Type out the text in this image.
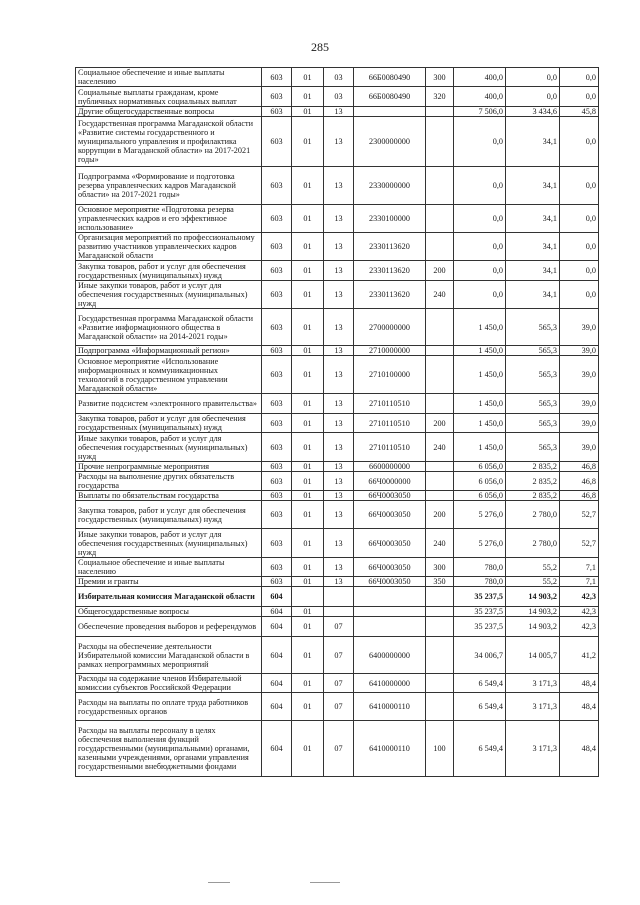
285
Социальное обеспечение и иные выплаты населению	603	01	03	66Б0080490	300	400,0	0,0	0,0
Социальные выплаты гражданам, кроме публичных нормативных социальных выплат	603	01	03	66Б0080490	320	400,0	0,0	0,0
Другие общегосударственные вопросы	603	01	13			7 506,0	3 434,6	45,8
Государственная программа Магаданской области «Развитие системы государственного и муниципального управления и профилактика коррупции в Магаданской области» на 2017-2021 годы»	603	01	13	2300000000		0,0	34,1	0,0
Подпрограмма «Формирование и подготовка резерва управленческих кадров Магаданской области» на 2017-2021 годы»	603	01	13	2330000000		0,0	34,1	0,0
Основное мероприятие «Подготовка резерва управленческих кадров и его эффективное использование»	603	01	13	2330100000		0,0	34,1	0,0
Организация мероприятий по профессиональному развитию участников управленческих кадров Магаданской области	603	01	13	2330113620		0,0	34,1	0,0
Закупка товаров, работ и услуг для обеспечения государственных (муниципальных) нужд	603	01	13	2330113620	200	0,0	34,1	0,0
Иные закупки товаров, работ и услуг для обеспечения государственных (муниципальных) нужд	603	01	13	2330113620	240	0,0	34,1	0,0
Государственная программа Магаданской области «Развитие информационного общества в Магаданской области» на 2014-2021 годы»	603	01	13	2700000000		1 450,0	565,3	39,0
Подпрограмма «Информационный регион»	603	01	13	2710000000		1 450,0	565,3	39,0
Основное мероприятие «Использование информационных и коммуникационных технологий в государственном управлении Магаданской области»	603	01	13	2710100000		1 450,0	565,3	39,0
Развитие подсистем «электронного правительства»	603	01	13	2710110510		1 450,0	565,3	39,0
Закупка товаров, работ и услуг для обеспечения государственных (муниципальных) нужд	603	01	13	2710110510	200	1 450,0	565,3	39,0
Иные закупки товаров, работ и услуг для обеспечения государственных (муниципальных) нужд	603	01	13	2710110510	240	1 450,0	565,3	39,0
Прочие непрограммные мероприятия	603	01	13	6600000000		6 056,0	2 835,2	46,8
Расходы на выполнение других обязательств государства	603	01	13	66Ч0000000		6 056,0	2 835,2	46,8
Выплаты по обязательствам государства	603	01	13	66Ч0003050		6 056,0	2 835,2	46,8
Закупка товаров, работ и услуг для обеспечения государственных (муниципальных) нужд	603	01	13	66Ч0003050	200	5 276,0	2 780,0	52,7
Иные закупки товаров, работ и услуг для обеспечения государственных (муниципальных) нужд	603	01	13	66Ч0003050	240	5 276,0	2 780,0	52,7
Социальное обеспечение и иные выплаты населению	603	01	13	66Ч0003050	300	780,0	55,2	7,1
Премии и гранты	603	01	13	66Ч0003050	350	780,0	55,2	7,1
Избирательная комиссия Магаданской области	604					35 237,5	14 903,2	42,3
Общегосударственные вопросы	604	01				35 237,5	14 903,2	42,3
Обеспечение проведения выборов и референдумов	604	01	07			35 237,5	14 903,2	42,3
Расходы на обеспечение деятельности Избирательной комиссии Магаданской области в рамках непрограммных мероприятий	604	01	07	6400000000		34 006,7	14 005,7	41,2
Расходы на содержание членов Избирательной комиссии субъектов Российской Федерации	604	01	07	6410000000		6 549,4	3 171,3	48,4
Расходы на выплаты по оплате труда работников государственных органов	604	01	07	6410000110		6 549,4	3 171,3	48,4
Расходы на выплаты персоналу в целях обеспечения выполнения функций государственными (муниципальными) органами, казенными учреждениями, органами управления государственными внебюджетными фондами	604	01	07	6410000110	100	6 549,4	3 171,3	48,4
